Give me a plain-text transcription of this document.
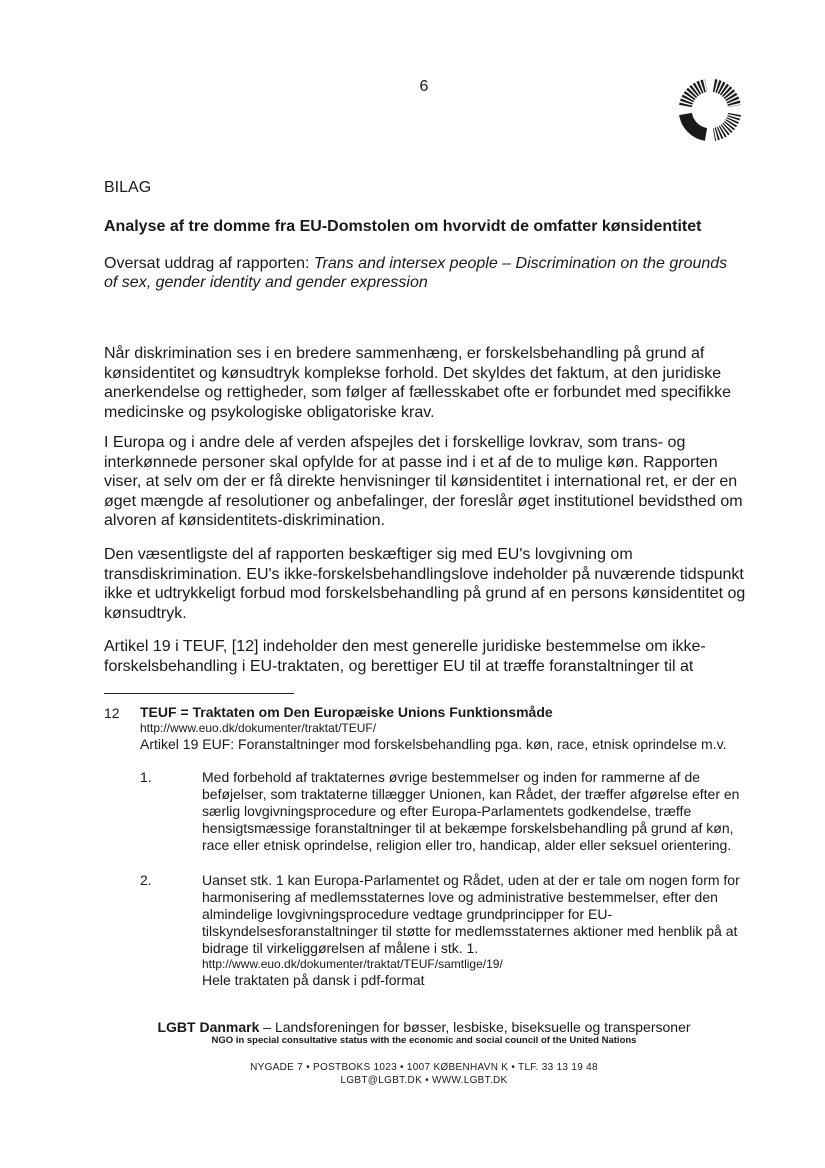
6
BILAG
Analyse af tre domme fra EU-Domstolen om hvorvidt de omfatter kønsidentitet
Oversat uddrag af rapporten: Trans and intersex people – Discrimination on the grounds of sex, gender identity and gender expression

Når diskrimination ses i en bredere sammenhæng, er forskelsbehandling på grund af kønsidentitet og kønsudtryk komplekse forhold. Det skyldes det faktum, at den juridiske anerkendelse og rettigheder, som følger af fællesskabet ofte er forbundet med specifikke medicinske og psykologiske obligatoriske krav.

I Europa og i andre dele af verden afspejles det i forskellige lovkrav, som trans- og interkønnede personer skal opfylde for at passe ind i et af de to mulige køn. Rapporten viser, at selv om der er få direkte henvisninger til kønsidentitet i international ret, er der en øget mængde af resolutioner og anbefalinger, der foreslår øget institutionel bevidsthed om alvoren af kønsidentitets-diskrimination.

Den væsentligste del af rapporten beskæftiger sig med EU's lovgivning om transdiskrimination. EU's ikke-forskelsbehandlingslove indeholder på nuværende tidspunkt ikke et udtrykkeligt forbud mod forskelsbehandling på grund af en persons kønsidentitet og kønsudtryk.

Artikel 19 i TEUF, [12] indeholder den mest generelle juridiske bestemmelse om ikke-forskelsbehandling i EU-traktaten, og berettiger EU til at træffe foranstaltninger til at

12 TEUF = Traktaten om Den Europæiske Unions Funktionsmåde
http://www.euo.dk/dokumenter/traktat/TEUF/
Artikel 19 EUF: Foranstaltninger mod forskelsbehandling pga. køn, race, etnisk oprindelse m.v.
1.	Med forbehold af traktaternes øvrige bestemmelser og inden for rammerne af de beføjelser, som traktaterne tillægger Unionen, kan Rådet, der træffer afgørelse efter en særlig lovgivningsprocedure og efter Europa-Parlamentets godkendelse, træffe hensigtsmæssige foranstaltninger til at bekæmpe forskelsbehandling på grund af køn, race eller etnisk oprindelse, religion eller tro, handicap, alder eller seksuel orientering.
2.	Uanset stk. 1 kan Europa-Parlamentet og Rådet, uden at der er tale om nogen form for harmonisering af medlemsstaternes love og administrative bestemmelser, efter den almindelige lovgivningsprocedure vedtage grundprincipper for EU-tilskyndelsesforanstaltninger til støtte for medlemsstaternes aktioner med henblik på at bidrage til virkeliggørelsen af målene i stk. 1.
http://www.euo.dk/dokumenter/traktat/TEUF/samtlige/19/
Hele traktaten på dansk i pdf-format
LGBT Danmark – Landsforeningen for bøsser, lesbiske, biseksuelle og transpersoner
NGO in special consultative status with the economic and social council of the United Nations
NYGADE 7 • POSTBOKS 1023 • 1007 KØBENHAVN K • TLF. 33 13 19 48
LGBT@LGBT.DK • WWW.LGBT.DK
